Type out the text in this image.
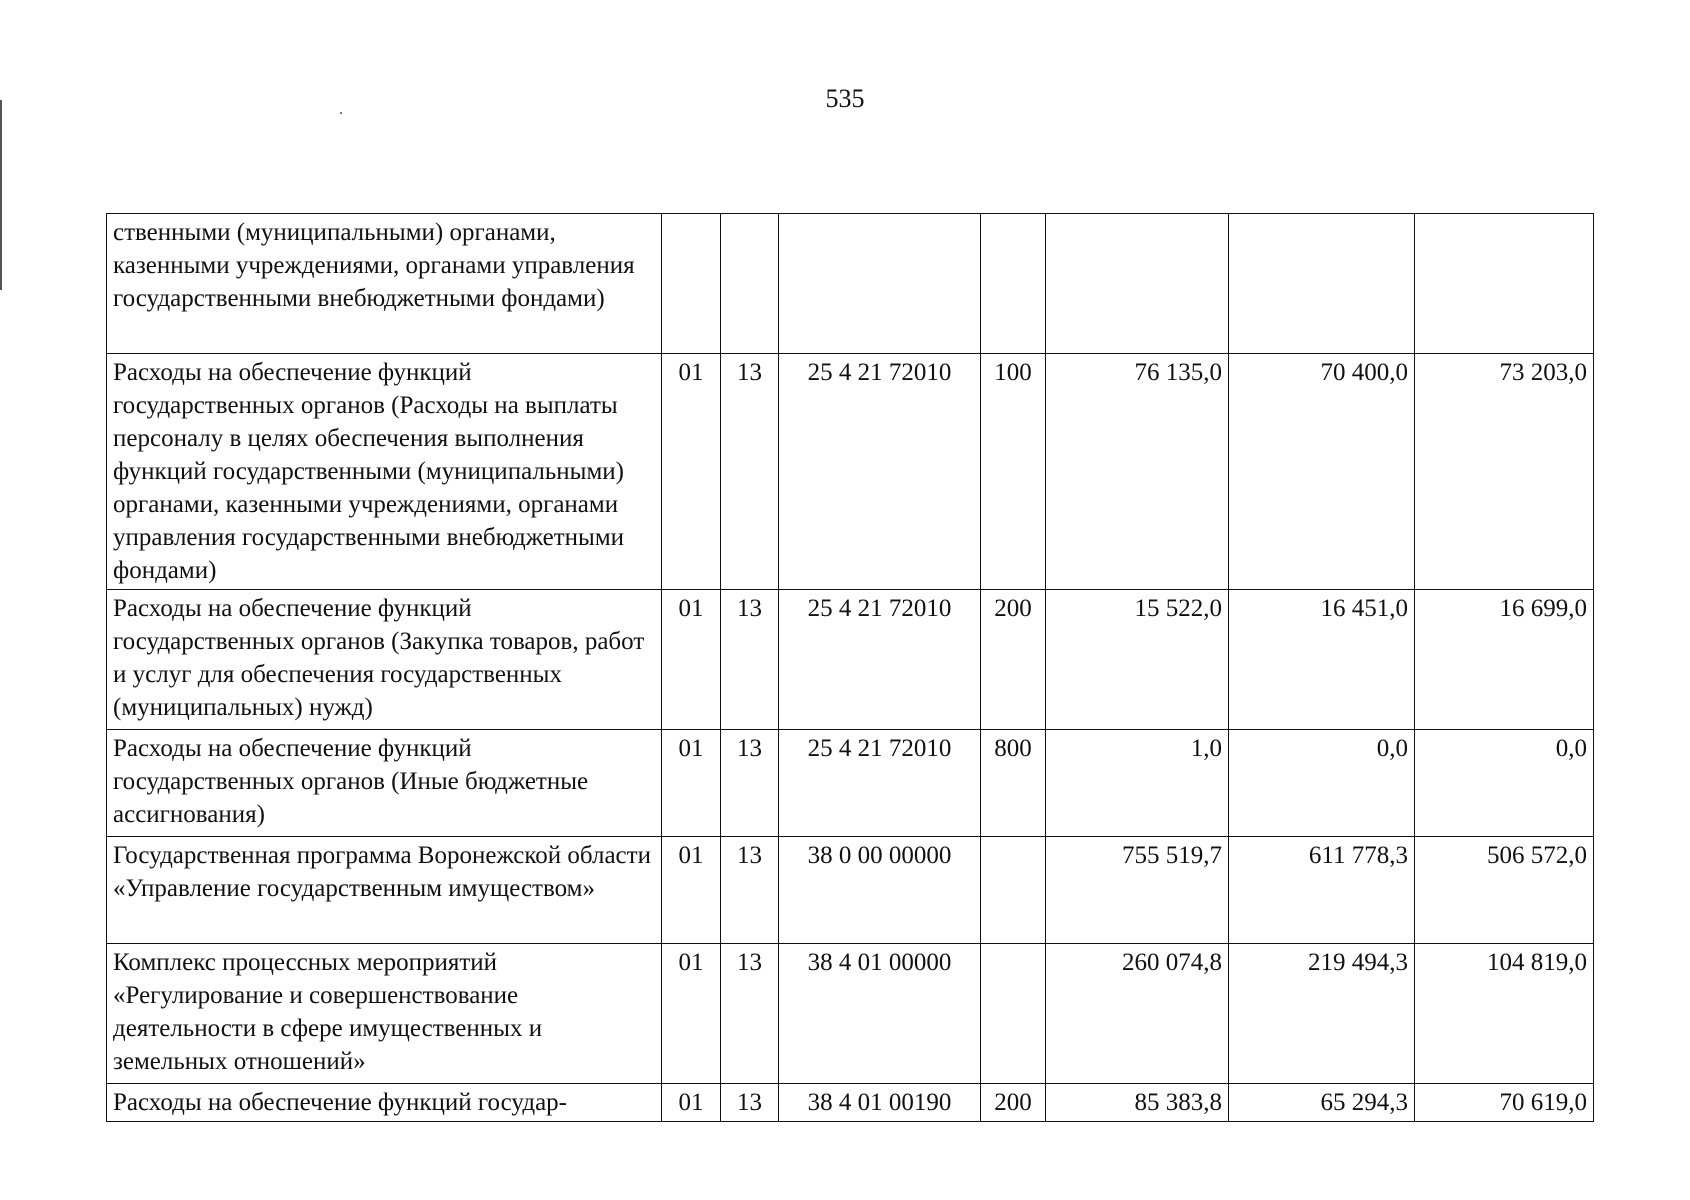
535
ственными (муниципальными) органами, казенными учреждениями, органами управления государственными внебюджетными фондами)							
Расходы на обеспечение функций государственных органов (Расходы на выплаты персоналу в целях обеспечения выполнения функций государственными (муниципальными) органами, казенными учреждениями, органами управления государственными внебюджетными фондами)	01	13	25 4 21 72010	100	76 135,0	70 400,0	73 203,0
Расходы на обеспечение функций государственных органов (Закупка товаров, работ и услуг для обеспечения государственных (муниципальных) нужд)	01	13	25 4 21 72010	200	15 522,0	16 451,0	16 699,0
Расходы на обеспечение функций государственных органов (Иные бюджетные ассигнования)	01	13	25 4 21 72010	800	1,0	0,0	0,0
Государственная программа Воронежской области «Управление государственным имуществом»	01	13	38 0 00 00000		755 519,7	611 778,3	506 572,0
Комплекс процессных мероприятий «Регулирование и совершенствование деятельности в сфере имущественных и земельных отношений»	01	13	38 4 01 00000		260 074,8	219 494,3	104 819,0
Расходы на обеспечение функций государ-	01	13	38 4 01 00190	200	85 383,8	65 294,3	70 619,0
